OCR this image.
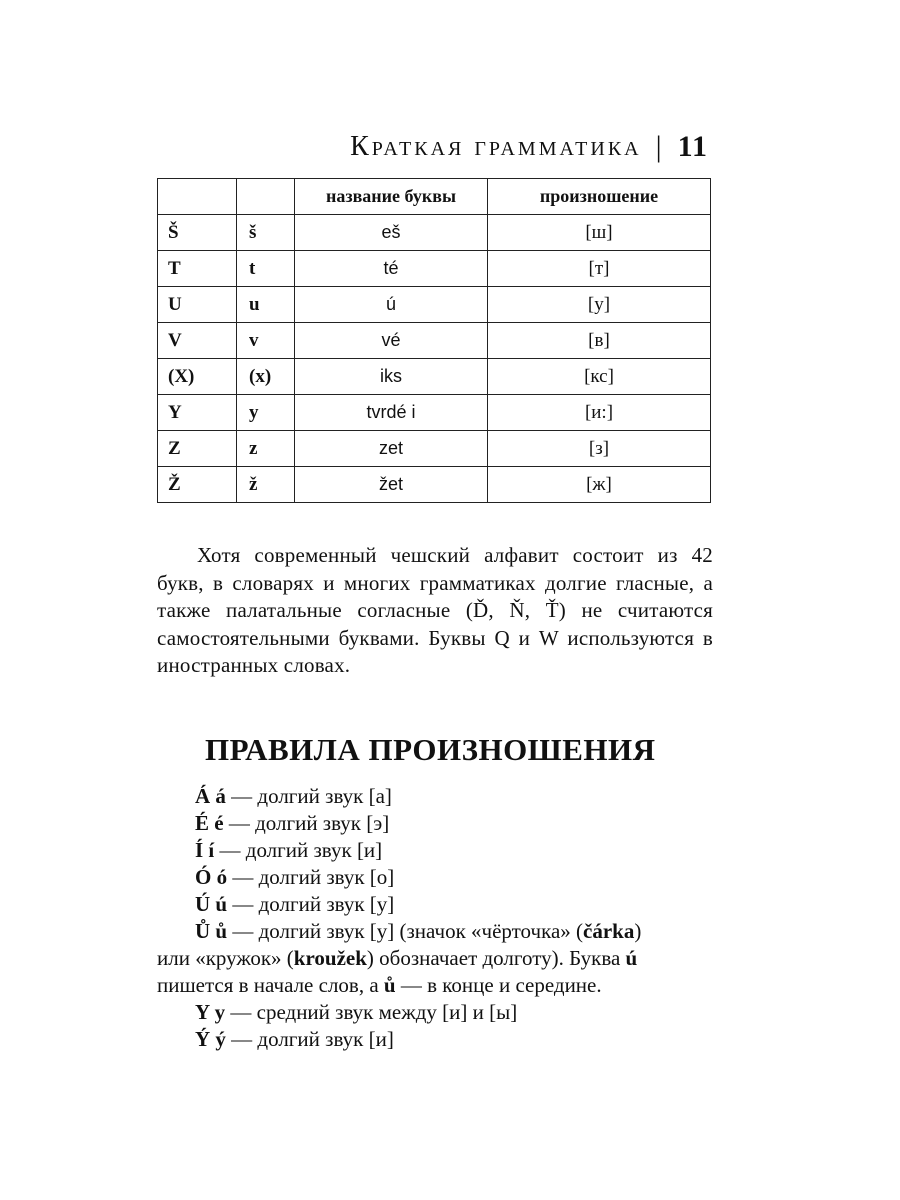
Краткая грамматика | 11
		название буквы	произношение
Š	š	eš	[ш]
T	t	té	[т]
U	u	ú	[у]
V	v	vé	[в]
(X)	(x)	iks	[кс]
Y	y	tvrdé i	[и:]
Z	z	zet	[з]
Ž	ž	žet	[ж]

Хотя современный чешский алфавит состоит из 42 букв, в словарях и многих грамматиках долгие гласные, а также палатальные согласные (Ď, Ň, Ť) не считаются самостоятельными буквами. Буквы Q и W используются в иностранных словах.

ПРАВИЛА ПРОИЗНОШЕНИЯ
Á á — долгий звук [а]
É é — долгий звук [э]
Í í — долгий звук [и]
Ó ó — долгий звук [о]
Ú ú — долгий звук [у]
Ů ů — долгий звук [у] (значок «чёрточка» (čárka)
или «кружок» (kroužek) обозначает долготу). Буква ú
пишется в начале слов, а ů — в конце и середине.
Y y — средний звук между [и] и [ы]
Ý ý — долгий звук [и]
